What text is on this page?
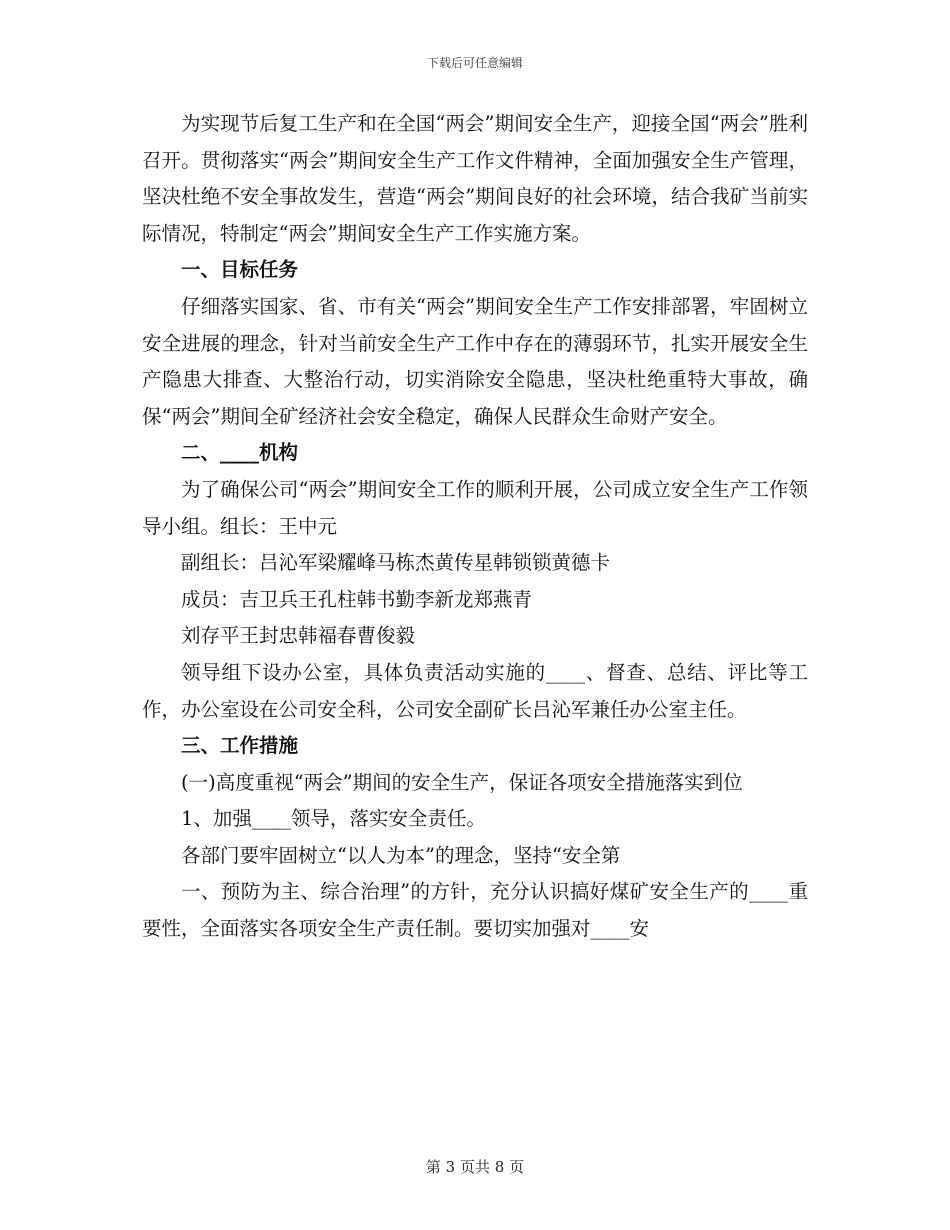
下载后可任意编辑

为实现节后复工生产和在全国“两会”期间安全生产，迎接全国“两会”胜利召开。贯彻落实“两会”期间安全生产工作文件精神，全面加强安全生产管理，坚决杜绝不安全事故发生，营造“两会”期间良好的社会环境，结合我矿当前实际情况，特制定“两会”期间安全生产工作实施方案。

一、目标任务

仔细落实国家、省、市有关“两会”期间安全生产工作安排部署，牢固树立安全进展的理念，针对当前安全生产工作中存在的薄弱环节，扎实开展安全生产隐患大排查、大整治行动，切实消除安全隐患，坚决杜绝重特大事故，确保“两会”期间全矿经济社会安全稳定，确保人民群众生命财产安全。

二、____机构

为了确保公司“两会”期间安全工作的顺利开展，公司成立安全生产工作领导小组。组长：王中元

副组长：吕沁军梁耀峰马栋杰黄传星韩锁锁黄德卡

成员：吉卫兵王孔柱韩书勤李新龙郑燕青

刘存平王封忠韩福春曹俊毅

领导组下设办公室，具体负责活动实施的____、督查、总结、评比等工作，办公室设在公司安全科，公司安全副矿长吕沁军兼任办公室主任。

三、工作措施

(一)高度重视“两会”期间的安全生产，保证各项安全措施落实到位

1、加强____领导，落实安全责任。

各部门要牢固树立“以人为本”的理念，坚持“安全第

一、预防为主、综合治理”的方针，充分认识搞好煤矿安全生产的____重要性，全面落实各项安全生产责任制。要切实加强对____安

第 3 页共 8 页
